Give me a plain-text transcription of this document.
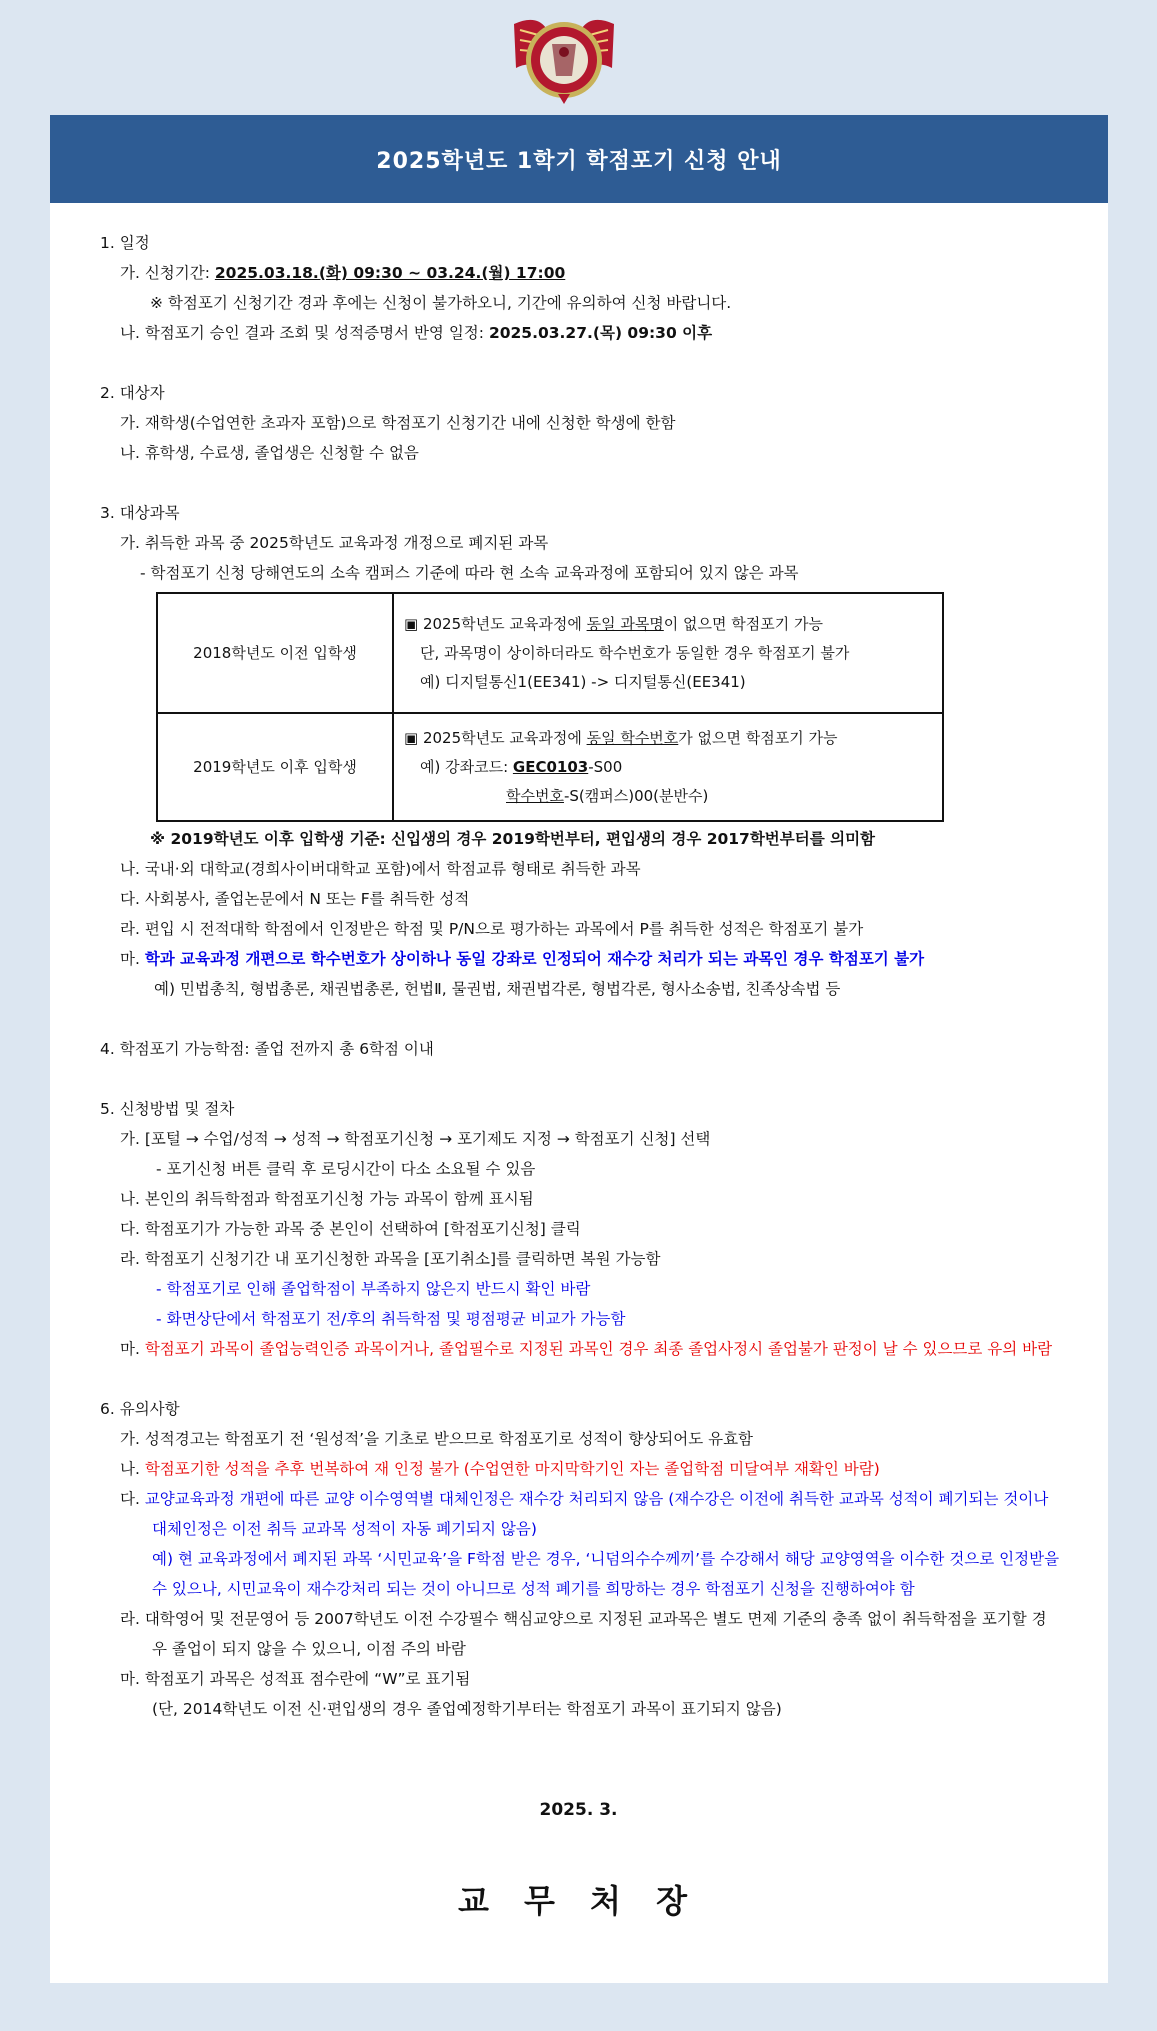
2025학년도 1학기 학점포기 신청 안내
1. 일정
가. 신청기간: 2025.03.18.(화) 09:30 ~ 03.24.(월) 17:00
※ 학점포기 신청기간 경과 후에는 신청이 불가하오니, 기간에 유의하여 신청 바랍니다.
나. 학점포기 승인 결과 조회 및 성적증명서 반영 일정: 2025.03.27.(목) 09:30 이후
2. 대상자
가. 재학생(수업연한 초과자 포함)으로 학점포기 신청기간 내에 신청한 학생에 한함
나. 휴학생, 수료생, 졸업생은 신청할 수 없음
3. 대상과목
가. 취득한 과목 중 2025학년도 교육과정 개정으로 폐지된 과목
- 학점포기 신청 당해연도의 소속 캠퍼스 기준에 따라 현 소속 교육과정에 포함되어 있지 않은 과목
2018학년도 이전 입학생	▣ 2025학년도 교육과정에 동일 과목명이 없으면 학점포기 가능
단, 과목명이 상이하더라도 학수번호가 동일한 경우 학점포기 불가
예) 디지털통신1(EE341) -> 디지털통신(EE341)

2019학년도 이후 입학생	▣ 2025학년도 교육과정에 동일 학수번호가 없으면 학점포기 가능
예) 강좌코드: GEC0103-S00
학수번호-S(캠퍼스)00(분반수)
※ 2019학년도 이후 입학생 기준: 신입생의 경우 2019학번부터, 편입생의 경우 2017학번부터를 의미함
나. 국내·외 대학교(경희사이버대학교 포함)에서 학점교류 형태로 취득한 과목
다. 사회봉사, 졸업논문에서 N 또는 F를 취득한 성적
라. 편입 시 전적대학 학점에서 인정받은 학점 및 P/N으로 평가하는 과목에서 P를 취득한 성적은 학점포기 불가
마. 학과 교육과정 개편으로 학수번호가 상이하나 동일 강좌로 인정되어 재수강 처리가 되는 과목인 경우 학점포기 불가
예) 민법총칙, 형법총론, 채권법총론, 헌법Ⅱ, 물권법, 채권법각론, 형법각론, 형사소송법, 친족상속법 등
4. 학점포기 가능학점: 졸업 전까지 총 6학점 이내
5. 신청방법 및 절차
가. [포털 → 수업/성적 → 성적 → 학점포기신청 → 포기제도 지정 → 학점포기 신청] 선택
- 포기신청 버튼 클릭 후 로딩시간이 다소 소요될 수 있음
나. 본인의 취득학점과 학점포기신청 가능 과목이 함께 표시됨
다. 학점포기가 가능한 과목 중 본인이 선택하여 [학점포기신청] 클릭
라. 학점포기 신청기간 내 포기신청한 과목을 [포기취소]를 클릭하면 복원 가능함
- 학점포기로 인해 졸업학점이 부족하지 않은지 반드시 확인 바람
- 화면상단에서 학점포기 전/후의 취득학점 및 평점평균 비교가 가능함
마. 학점포기 과목이 졸업능력인증 과목이거나, 졸업필수로 지정된 과목인 경우 최종 졸업사정시 졸업불가 판정이 날 수 있으므로 유의 바람
6. 유의사항
가. 성적경고는 학점포기 전 ‘원성적’을 기초로 받으므로 학점포기로 성적이 향상되어도 유효함
나. 학점포기한 성적을 추후 번복하여 재 인정 불가 (수업연한 마지막학기인 자는 졸업학점 미달여부 재확인 바람)
다. 교양교육과정 개편에 따른 교양 이수영역별 대체인정은 재수강 처리되지 않음 (재수강은 이전에 취득한 교과목 성적이 폐기되는 것이나 대체인정은 이전 취득 교과목 성적이 자동 폐기되지 않음)
예) 현 교육과정에서 폐지된 과목 ‘시민교육’을 F학점 받은 경우, ‘니덤의수수께끼’를 수강해서 해당 교양영역을 이수한 것으로 인정받을 수 있으나, 시민교육이 재수강처리 되는 것이 아니므로 성적 폐기를 희망하는 경우 학점포기 신청을 진행하여야 함
라. 대학영어 및 전문영어 등 2007학년도 이전 수강필수 핵심교양으로 지정된 교과목은 별도 면제 기준의 충족 없이 취득학점을 포기할 경우 졸업이 되지 않을 수 있으니, 이점 주의 바람
마. 학점포기 과목은 성적표 점수란에 “W”로 표기됨
(단, 2014학년도 이전 신·편입생의 경우 졸업예정학기부터는 학점포기 과목이 표기되지 않음)
2025. 3.
교 무 처 장
